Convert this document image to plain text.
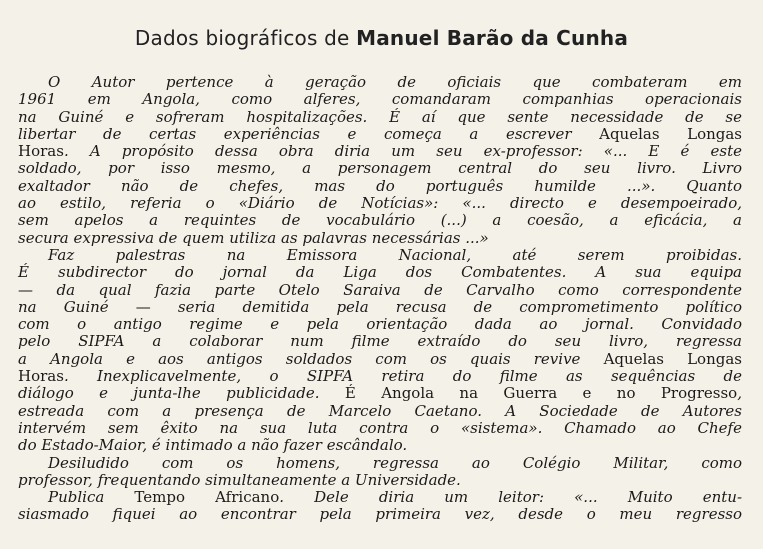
Dados biográficos de Manuel Barão da Cunha
  O Autor pertence à geração de oficiais que combateram em
1961 em Angola, como alferes, comandaram companhias operacionais
na Guiné e sofreram hospitalizações. É aí que sente necessidade de se
libertar de certas experiências e começa a escrever Aquelas Longas
Horas. A propósito dessa obra diria um seu ex-professor: «... E é este
soldado, por isso mesmo, a personagem central do seu livro. Livro
exaltador não de chefes, mas do português humilde ...». Quanto
ao estilo, referia o «Diário de Notícias»: «... directo e desempoeirado,
sem apelos a requintes de vocabulário (...) a coesão, a eficácia, a
secura expressiva de quem utiliza as palavras necessárias ...»
  Faz palestras na Emissora Nacional, até serem proibidas.
É subdirector do jornal da Liga dos Combatentes. A sua equipa
— da qual fazia parte Otelo Saraiva de Carvalho como correspondente
na Guiné — seria demitida pela recusa de comprometimento político
com o antigo regime e pela orientação dada ao jornal. Convidado
pelo SIPFA a colaborar num filme extraído do seu livro, regressa
a Angola e aos antigos soldados com os quais revive Aquelas Longas
Horas. Inexplicavelmente, o SIPFA retira do filme as sequências de
diálogo e junta-lhe publicidade. É Angola na Guerra e no Progresso,
estreada com a presença de Marcelo Caetano. A Sociedade de Autores
intervém sem êxito na sua luta contra o «sistema». Chamado ao Chefe
do Estado-Maior, é intimado a não fazer escândalo.
  Desiludido com os homens, regressa ao Colégio Militar, como
professor, frequentando simultaneamente a Universidade.
  Publica Tempo Africano. Dele diria um leitor: «... Muito entu-
siasmado fiquei ao encontrar pela primeira vez, desde o meu regresso
